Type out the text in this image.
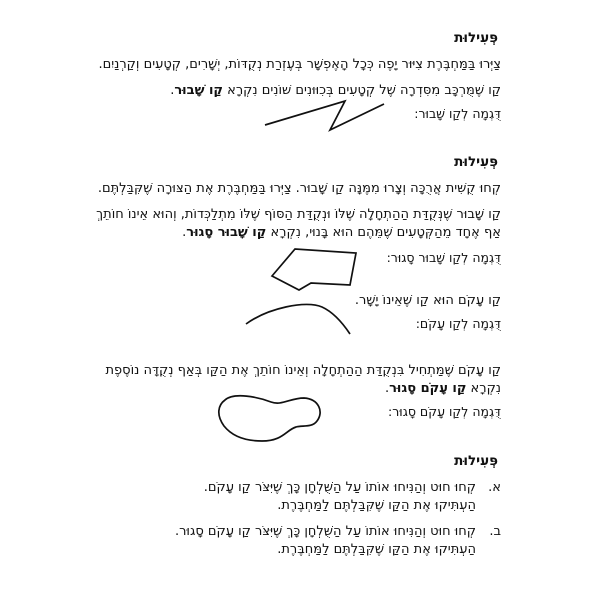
פְּעִילוּת
צַיְּרוּ בַּמַּחְבֶּרֶת צִיּוּר יָפֶה כְּכָל הָאֶפְשָׁר בְּעֶזְרַת נְקֻדּוֹת, יְשָׁרִים, קְטָעִים וְקַרְנַיִם.
קַו שֶׁמֻּרְכָּב מִסִּדְרָה שֶׁל קְטָעִים בְּכִוּוּנִים שׁוֹנִים נִקְרָא קַו שָׁבוּר.
דֻּגְמָה לְקַו שָׁבוּר:
פְּעִילוּת
קְחוּ קֻשִּׁית אֲרֻכָּה וְצָרוּ מִמֶּנָּה קַו שָׁבוּר. צַיְּרוּ בַּמַּחְבֶּרֶת אֶת הַצּוּרָה שֶׁקִּבַּלְתֶּם.
קַו שָׁבוּר שֶׁנְּקֻדַּת הַהַתְחָלָה שֶׁלּוֹ וּנְקֻדַּת הַסּוֹף שֶׁלּוֹ מִתְלַכְּדוֹת, וְהוּא אֵינוֹ חוֹתֵךְ
אַף אֶחָד מֵהַקְּטָעִים שֶׁמֵּהֶם הוּא בָּנוּי, נִקְרָא קַו שָׁבוּר סָגוּר.
דֻּגְמָה לְקַו שָׁבוּר סָגוּר:
קַו עָקֹם הוּא קַו שֶׁאֵינוֹ יָשָׁר.
דֻּגְמָה לְקַו עָקֹם:
קַו עָקֹם שֶׁמַּתְחִיל בִּנְקֻדַּת הַהַתְחָלָה וְאֵינוֹ חוֹתֵךְ אֶת הַקַּו בְּאַף נְקֻדָּה נוֹסֶפֶת
נִקְרָא קַו עָקֹם סָגוּר.
דֻּגְמָה לְקַו עָקֹם סָגוּר:
פְּעִילוּת
א.
קְחוּ חוּט וְהַנִּיחוּ אוֹתוֹ עַל הַשֻּׁלְחָן כָּךְ שֶׁיִּצֹּר קַו עָקֹם.
הַעְתִּיקוּ אֶת הַקַּו שֶׁקִּבַּלְתֶּם לַמַּחְבֶּרֶת.
ב.
קְחוּ חוּט וְהַנִּיחוּ אוֹתוֹ עַל הַשֻּׁלְחָן כָּךְ שֶׁיִּצֹּר קַו עָקֹם סָגוּר.
הַעְתִּיקוּ אֶת הַקַּו שֶׁקִּבַּלְתֶּם לַמַּחְבֶּרֶת.
